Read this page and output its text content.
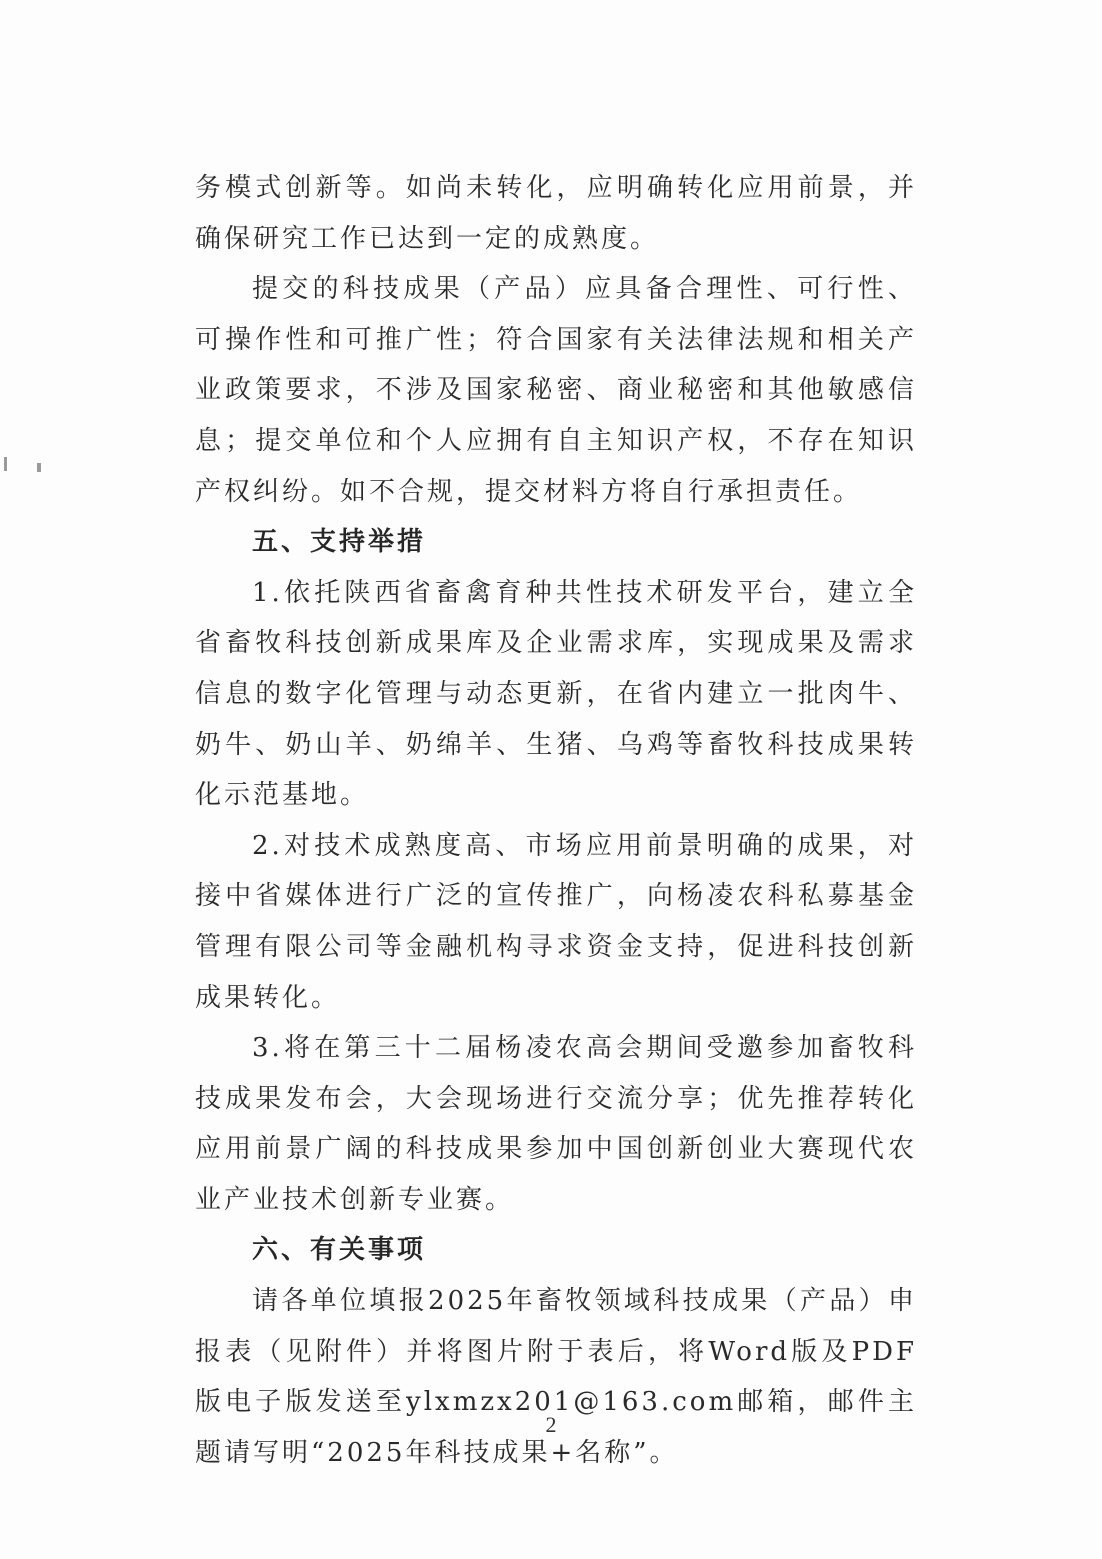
务模式创新等。如尚未转化，应明确转化应用前景，并确保研究工作已达到一定的成熟度。

提交的科技成果（产品）应具备合理性、可行性、可操作性和可推广性；符合国家有关法律法规和相关产业政策要求，不涉及国家秘密、商业秘密和其他敏感信息；提交单位和个人应拥有自主知识产权，不存在知识产权纠纷。如不合规，提交材料方将自行承担责任。

五、支持举措

1.依托陕西省畜禽育种共性技术研发平台，建立全省畜牧科技创新成果库及企业需求库，实现成果及需求信息的数字化管理与动态更新，在省内建立一批肉牛、奶牛、奶山羊、奶绵羊、生猪、乌鸡等畜牧科技成果转化示范基地。

2.对技术成熟度高、市场应用前景明确的成果，对接中省媒体进行广泛的宣传推广，向杨凌农科私募基金管理有限公司等金融机构寻求资金支持，促进科技创新成果转化。

3.将在第三十二届杨凌农高会期间受邀参加畜牧科技成果发布会，大会现场进行交流分享；优先推荐转化应用前景广阔的科技成果参加中国创新创业大赛现代农业产业技术创新专业赛。

六、有关事项

请各单位填报2025年畜牧领域科技成果（产品）申报表（见附件）并将图片附于表后，将Word版及PDF版电子版发送至ylxmzx201@163.com邮箱，邮件主题请写明“2025年科技成果+名称”。

2
